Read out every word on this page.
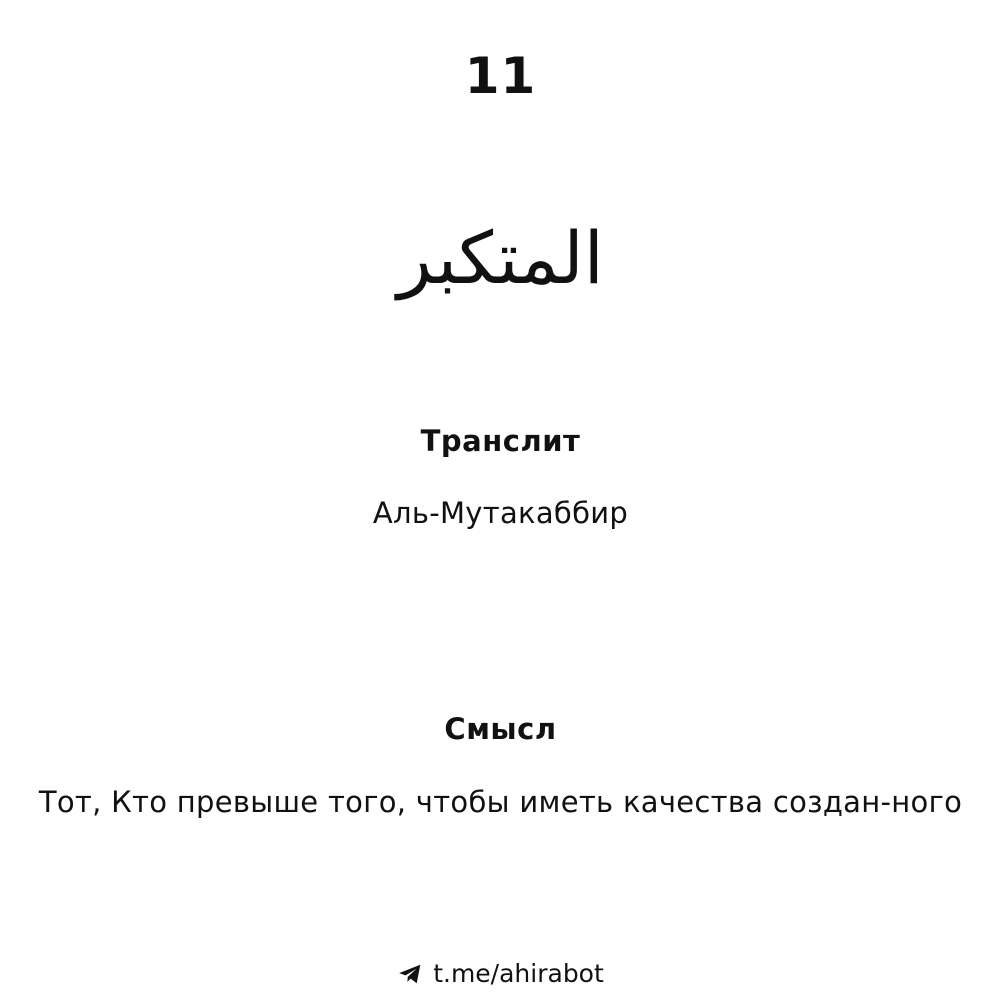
11
المتكبر
Транслит
Аль-Мутакаббир
Смысл
Тот, Кто превыше того, чтобы иметь качества создан-ного
t.me/ahirabot
